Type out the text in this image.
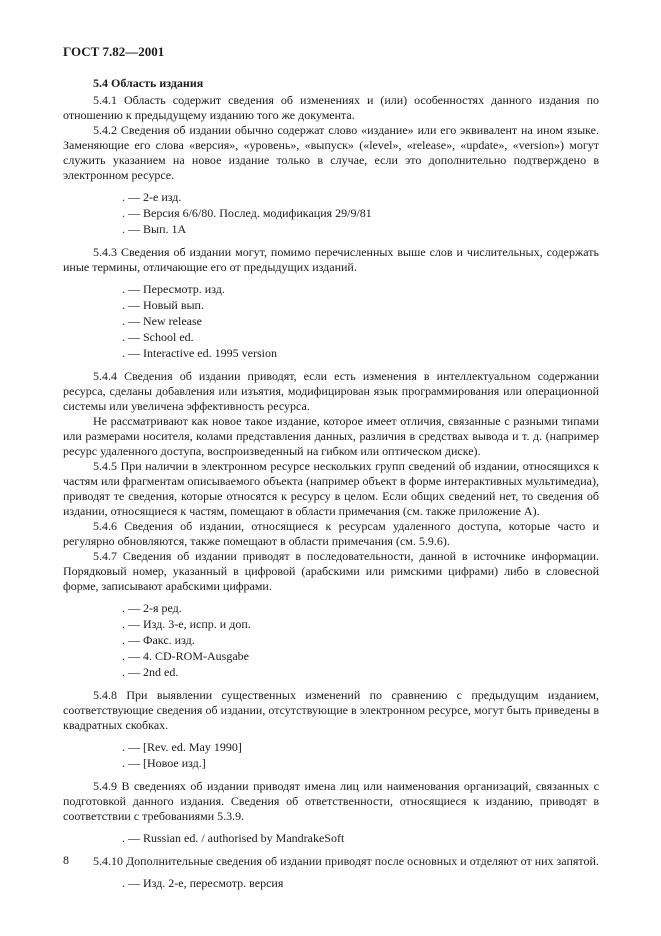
ГОСТ 7.82—2001

5.4 Область издания

5.4.1 Область содержит сведения об изменениях и (или) особенностях данного издания по отношению к предыдущему изданию того же документа.

5.4.2 Сведения об издании обычно содержат слово «издание» или его эквивалент на ином языке. Заменяющие его слова «версия», «уровень», «выпуск» («level», «release», «update», «version») могут служить указанием на новое издание только в случае, если это дополнительно подтверждено в электронном ресурсе.

. — 2-е изд.
. — Версия 6/6/80. Послед. модификация 29/9/81
. — Вып. 1A

5.4.3 Сведения об издании могут, помимо перечисленных выше слов и числительных, содержать иные термины, отличающие его от предыдущих изданий.

. — Пересмотр. изд.
. — Новый вып.
. — New release
. — School ed.
. — Interactive ed. 1995 version

5.4.4 Сведения об издании приводят, если есть изменения в интеллектуальном содержании ресурса, сделаны добавления или изъятия, модифицирован язык программирования или операционной системы или увеличена эффективность ресурса.

Не рассматривают как новое такое издание, которое имеет отличия, связанные с разными типами или размерами носителя, колами представления данных, различия в средствах вывода и т. д. (например ресурс удаленного доступа, воспроизведенный на гибком или оптическом диске).

5.4.5 При наличии в электронном ресурсе нескольких групп сведений об издании, относящихся к частям или фрагментам описываемого объекта (например объект в форме интерактивных мультимедиа), приводят те сведения, которые относятся к ресурсу в целом. Если общих сведений нет, то сведения об издании, относящиеся к частям, помещают в области примечания (см. также приложение А).

5.4.6 Сведения об издании, относящиеся к ресурсам удаленного доступа, которые часто и регулярно обновляются, также помещают в области примечания (см. 5.9.6).

5.4.7 Сведения об издании приводят в последовательности, данной в источнике информации. Порядковый номер, указанный в цифровой (арабскими или римскими цифрами) либо в словесной форме, записывают арабскими цифрами.

. — 2-я ред.
. — Изд. 3-е, испр. и доп.
. — Факс. изд.
. — 4. CD-ROM-Ausgabe
. — 2nd ed.

5.4.8 При выявлении существенных изменений по сравнению с предыдущим изданием, соответствующие сведения об издании, отсутствующие в электронном ресурсе, могут быть приведены в квадратных скобках.

. — [Rev. ed. May 1990]
. — [Новое изд.]

5.4.9 В сведениях об издании приводят имена лиц или наименования организаций, связанных с подготовкой данного издания. Сведения об ответственности, относящиеся к изданию, приводят в соответствии с требованиями 5.3.9.

. — Russian ed. / authorised by MandrakeSoft

5.4.10 Дополнительные сведения об издании приводят после основных и отделяют от них запятой.

. — Изд. 2-е, пересмотр. версия
8
